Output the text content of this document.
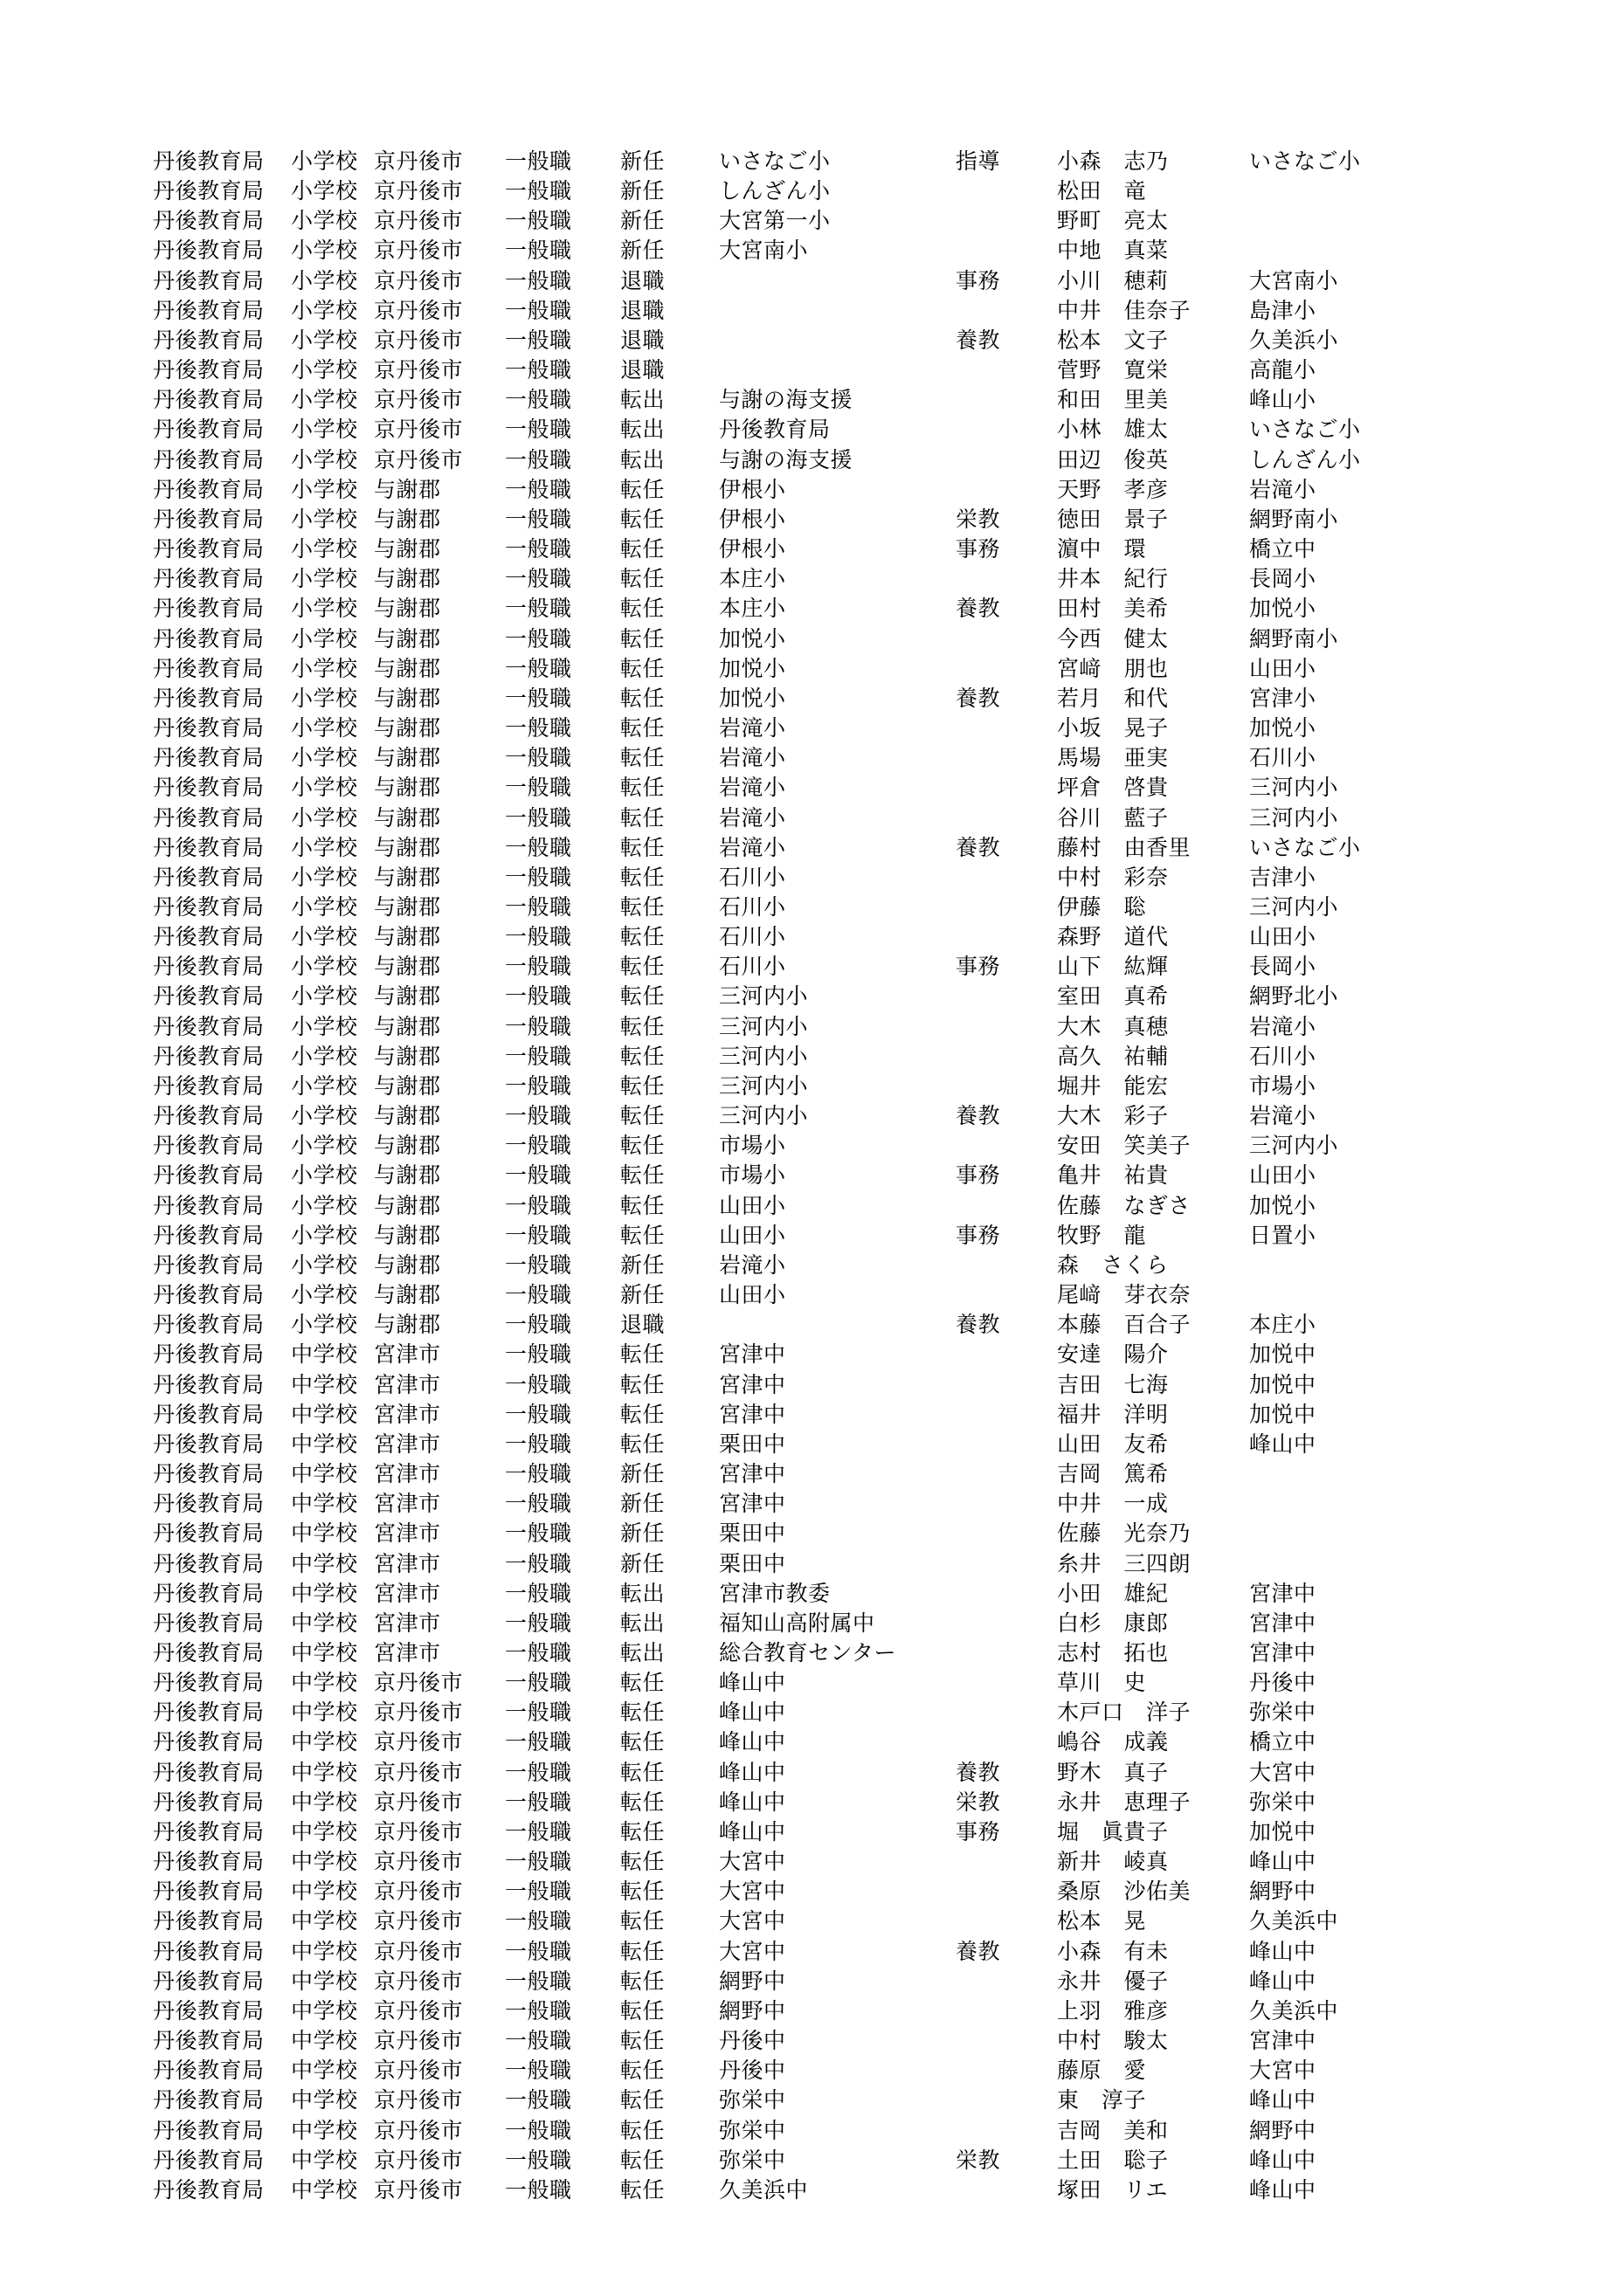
丹後教育局 小学校 京丹後市 一般職 新任 いさなご小	指導	小森　志乃	いさなご小
丹後教育局 小学校 京丹後市 一般職 新任 しんざん小	松田　竜
丹後教育局 小学校 京丹後市 一般職 新任 大宮第一小	野町　亮太
丹後教育局 小学校 京丹後市 一般職 新任 大宮南小	中地　真菜
丹後教育局 小学校 京丹後市 一般職 退職	事務	小川　穂莉	大宮南小
丹後教育局 小学校 京丹後市 一般職 退職	中井　佳奈子	島津小
丹後教育局 小学校 京丹後市 一般職 退職	養教	松本　文子	久美浜小
丹後教育局 小学校 京丹後市 一般職 退職	菅野　寛栄	高龍小
丹後教育局 小学校 京丹後市 一般職 転出 与謝の海支援	和田　里美	峰山小
丹後教育局 小学校 京丹後市 一般職 転出 丹後教育局	小林　雄太	いさなご小
丹後教育局 小学校 京丹後市 一般職 転出 与謝の海支援	田辺　俊英	しんざん小
丹後教育局 小学校 与謝郡	一般職 転任 伊根小	天野　孝彦	岩滝小
丹後教育局 小学校 与謝郡	一般職 転任 伊根小	栄教	徳田　景子	網野南小
丹後教育局 小学校 与謝郡	一般職 転任 伊根小	事務	濵中　環	橋立中
丹後教育局 小学校 与謝郡	一般職 転任 本庄小	井本　紀行	長岡小
丹後教育局 小学校 与謝郡	一般職 転任 本庄小	養教	田村　美希	加悦小
丹後教育局 小学校 与謝郡	一般職 転任 加悦小	今西　健太	網野南小
丹後教育局 小学校 与謝郡	一般職 転任 加悦小	宮﨑　朋也	山田小
丹後教育局 小学校 与謝郡	一般職 転任 加悦小	養教	若月　和代	宮津小
丹後教育局 小学校 与謝郡	一般職 転任 岩滝小	小坂　晃子	加悦小
丹後教育局 小学校 与謝郡	一般職 転任 岩滝小	馬場　亜実	石川小
丹後教育局 小学校 与謝郡	一般職 転任 岩滝小	坪倉　啓貴	三河内小
丹後教育局 小学校 与謝郡	一般職 転任 岩滝小	谷川　藍子	三河内小
丹後教育局 小学校 与謝郡	一般職 転任 岩滝小	養教	藤村　由香里	いさなご小
丹後教育局 小学校 与謝郡	一般職 転任 石川小	中村　彩奈	吉津小
丹後教育局 小学校 与謝郡	一般職 転任 石川小	伊藤　聡	三河内小
丹後教育局 小学校 与謝郡	一般職 転任 石川小	森野　道代	山田小
丹後教育局 小学校 与謝郡	一般職 転任 石川小	事務	山下　紘輝	長岡小
丹後教育局 小学校 与謝郡	一般職 転任 三河内小	室田　真希	網野北小
丹後教育局 小学校 与謝郡	一般職 転任 三河内小	大木　真穂	岩滝小
丹後教育局 小学校 与謝郡	一般職 転任 三河内小	高久　祐輔	石川小
丹後教育局 小学校 与謝郡	一般職 転任 三河内小	堀井　能宏	市場小
丹後教育局 小学校 与謝郡	一般職 転任 三河内小	養教	大木　彩子	岩滝小
丹後教育局 小学校 与謝郡	一般職 転任 市場小	安田　笑美子	三河内小
丹後教育局 小学校 与謝郡	一般職 転任 市場小	事務	亀井　祐貴	山田小
丹後教育局 小学校 与謝郡	一般職 転任 山田小	佐藤　なぎさ	加悦小
丹後教育局 小学校 与謝郡	一般職 転任 山田小	事務	牧野　龍	日置小
丹後教育局 小学校 与謝郡	一般職 新任 岩滝小	森　さくら
丹後教育局 小学校 与謝郡	一般職 新任 山田小	尾﨑　芽衣奈
丹後教育局 小学校 与謝郡	一般職 退職	養教	本藤　百合子	本庄小
丹後教育局 中学校 宮津市	一般職 転任 宮津中	安達　陽介	加悦中
丹後教育局 中学校 宮津市	一般職 転任 宮津中	吉田　七海	加悦中
丹後教育局 中学校 宮津市	一般職 転任 宮津中	福井　洋明	加悦中
丹後教育局 中学校 宮津市	一般職 転任 栗田中	山田　友希	峰山中
丹後教育局 中学校 宮津市	一般職 新任 宮津中	吉岡　篤希
丹後教育局 中学校 宮津市	一般職 新任 宮津中	中井　一成
丹後教育局 中学校 宮津市	一般職 新任 栗田中	佐藤　光奈乃
丹後教育局 中学校 宮津市	一般職 新任 栗田中	糸井　三四朗
丹後教育局 中学校 宮津市	一般職 転出 宮津市教委	小田　雄紀	宮津中
丹後教育局 中学校 宮津市	一般職 転出 福知山高附属中	白杉　康郎	宮津中
丹後教育局 中学校 宮津市	一般職 転出 総合教育センター	志村　拓也	宮津中
丹後教育局 中学校 京丹後市 一般職 転任 峰山中	草川　史	丹後中
丹後教育局 中学校 京丹後市 一般職 転任 峰山中	木戸口　洋子	弥栄中
丹後教育局 中学校 京丹後市 一般職 転任 峰山中	嶋谷　成義	橋立中
丹後教育局 中学校 京丹後市 一般職 転任 峰山中	養教	野木　真子	大宮中
丹後教育局 中学校 京丹後市 一般職 転任 峰山中	栄教	永井　恵理子	弥栄中
丹後教育局 中学校 京丹後市 一般職 転任 峰山中	事務	堀　眞貴子	加悦中
丹後教育局 中学校 京丹後市 一般職 転任 大宮中	新井　崚真	峰山中
丹後教育局 中学校 京丹後市 一般職 転任 大宮中	桑原　沙佑美	網野中
丹後教育局 中学校 京丹後市 一般職 転任 大宮中	松本　晃	久美浜中
丹後教育局 中学校 京丹後市 一般職 転任 大宮中	養教	小森　有未	峰山中
丹後教育局 中学校 京丹後市 一般職 転任 網野中	永井　優子	峰山中
丹後教育局 中学校 京丹後市 一般職 転任 網野中	上羽　雅彦	久美浜中
丹後教育局 中学校 京丹後市 一般職 転任 丹後中	中村　駿太	宮津中
丹後教育局 中学校 京丹後市 一般職 転任 丹後中	藤原　愛	大宮中
丹後教育局 中学校 京丹後市 一般職 転任 弥栄中	東　淳子	峰山中
丹後教育局 中学校 京丹後市 一般職 転任 弥栄中	吉岡　美和	網野中
丹後教育局 中学校 京丹後市 一般職 転任 弥栄中	栄教	土田　聡子	峰山中
丹後教育局 中学校 京丹後市 一般職 転任 久美浜中	塚田　リエ	峰山中
